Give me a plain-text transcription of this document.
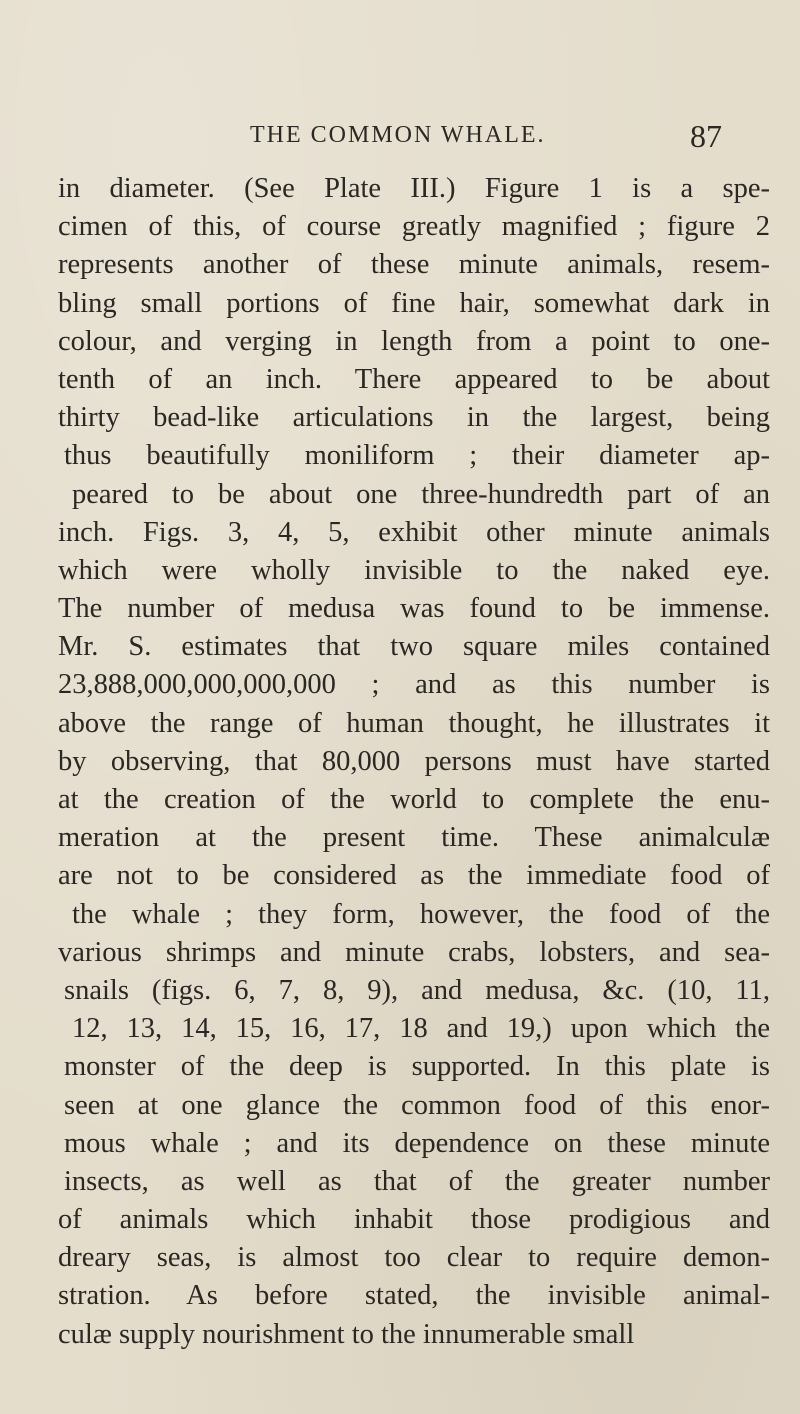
THE COMMON WHALE.	87
in diameter. (See Plate III.) Figure 1 is a spe-
cimen of this, of course greatly magnified ; figure 2
represents another of these minute animals, resem-
bling small portions of fine hair, somewhat dark in
colour, and verging in length from a point to one-
tenth of an inch. There appeared to be about
thirty bead-like articulations in the largest, being
thus beautifully moniliform ; their diameter ap-
peared to be about one three-hundredth part of an
inch. Figs. 3, 4, 5, exhibit other minute animals
which were wholly invisible to the naked eye.
The number of medusa was found to be immense.
Mr. S. estimates that two square miles contained
23,888,000,000,000,000 ; and as this number is
above the range of human thought, he illustrates it
by observing, that 80,000 persons must have started
at the creation of the world to complete the enu-
meration at the present time. These animalculæ
are not to be considered as the immediate food of
the whale ; they form, however, the food of the
various shrimps and minute crabs, lobsters, and sea-
snails (figs. 6, 7, 8, 9), and medusa, &c. (10, 11,
12, 13, 14, 15, 16, 17, 18 and 19,) upon which the
monster of the deep is supported. In this plate is
seen at one glance the common food of this enor-
mous whale ; and its dependence on these minute
insects, as well as that of the greater number
of animals which inhabit those prodigious and
dreary seas, is almost too clear to require demon-
stration. As before stated, the invisible animal-
culæ supply nourishment to the innumerable small
